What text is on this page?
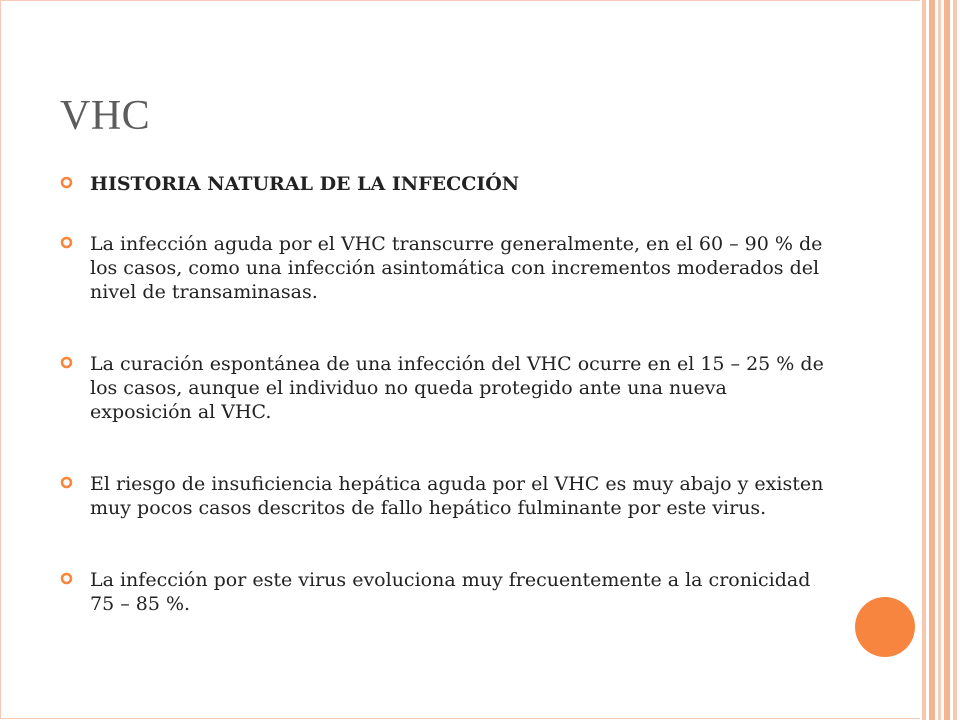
VHC
HISTORIA NATURAL DE LA INFECCIÓN
La infección aguda por el VHC transcurre generalmente, en el 60 – 90 % de los casos, como una infección asintomática con incrementos moderados del nivel de transaminasas.
La curación espontánea de una infección del VHC ocurre en el 15 – 25 % de los casos, aunque el individuo no queda protegido ante una nueva exposición al VHC.
El riesgo de insuficiencia hepática aguda por el VHC es muy abajo y existen muy pocos casos descritos de fallo hepático fulminante por este virus.
La infección por este virus evoluciona muy frecuentemente a la cronicidad 75 – 85 %.
